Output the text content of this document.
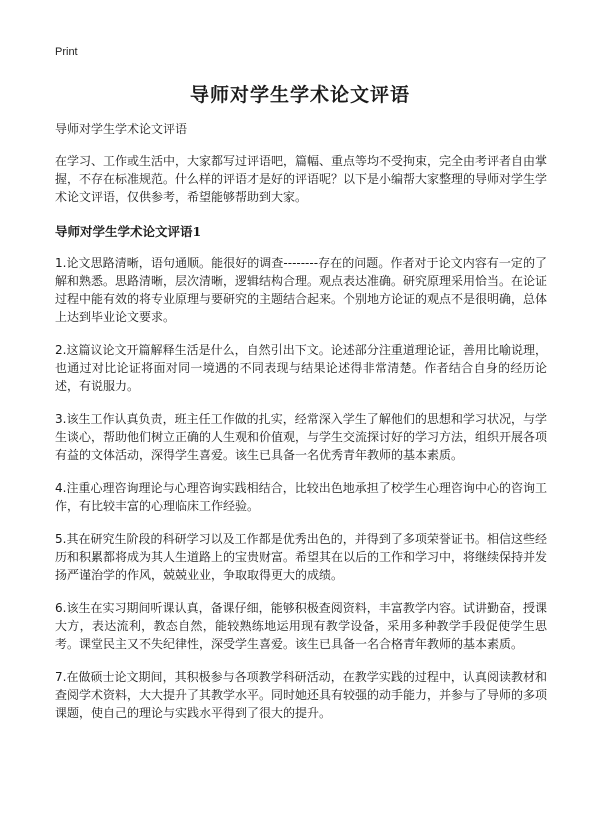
Print
导师对学生学术论文评语
导师对学生学术论文评语

在学习、工作或生活中，大家都写过评语吧，篇幅、重点等均不受拘束，完全由考评者自由掌握，不存在标准规范。什么样的评语才是好的评语呢？以下是小编帮大家整理的导师对学生学术论文评语，仅供参考，希望能够帮助到大家。

导师对学生学术论文评语1

1.论文思路清晰，语句通顺。能很好的调查--------存在的问题。作者对于论文内容有一定的了解和熟悉。思路清晰，层次清晰，逻辑结构合理。观点表达准确。研究原理采用恰当。在论证过程中能有效的将专业原理与要研究的主题结合起来。个别地方论证的观点不是很明确，总体上达到毕业论文要求。

2.这篇议论文开篇解释生活是什么，自然引出下文。论述部分注重道理论证，善用比喻说理，也通过对比论证将面对同一境遇的不同表现与结果论述得非常清楚。作者结合自身的经历论述，有说服力。

3.该生工作认真负责，班主任工作做的扎实，经常深入学生了解他们的思想和学习状况，与学生谈心，帮助他们树立正确的人生观和价值观，与学生交流探讨好的学习方法，组织开展各项有益的文体活动，深得学生喜爱。该生已具备一名优秀青年教师的基本素质。

4.注重心理咨询理论与心理咨询实践相结合，比较出色地承担了校学生心理咨询中心的咨询工作，有比较丰富的心理临床工作经验。

5.其在研究生阶段的科研学习以及工作都是优秀出色的，并得到了多项荣誉证书。相信这些经历和积累都将成为其人生道路上的宝贵财富。希望其在以后的工作和学习中，将继续保持并发扬严谨治学的作风，兢兢业业，争取取得更大的成绩。

6.该生在实习期间听课认真，备课仔细，能够积极查阅资料，丰富教学内容。试讲勤奋，授课大方，表达流利，教态自然，能较熟练地运用现有教学设备，采用多种教学手段促使学生思考。课堂民主又不失纪律性，深受学生喜爱。该生已具备一名合格青年教师的基本素质。

7.在做硕士论文期间，其积极参与各项教学科研活动，在教学实践的过程中，认真阅读教材和查阅学术资料，大大提升了其教学水平。同时她还具有较强的动手能力，并参与了导师的多项课题，使自己的理论与实践水平得到了很大的提升。
